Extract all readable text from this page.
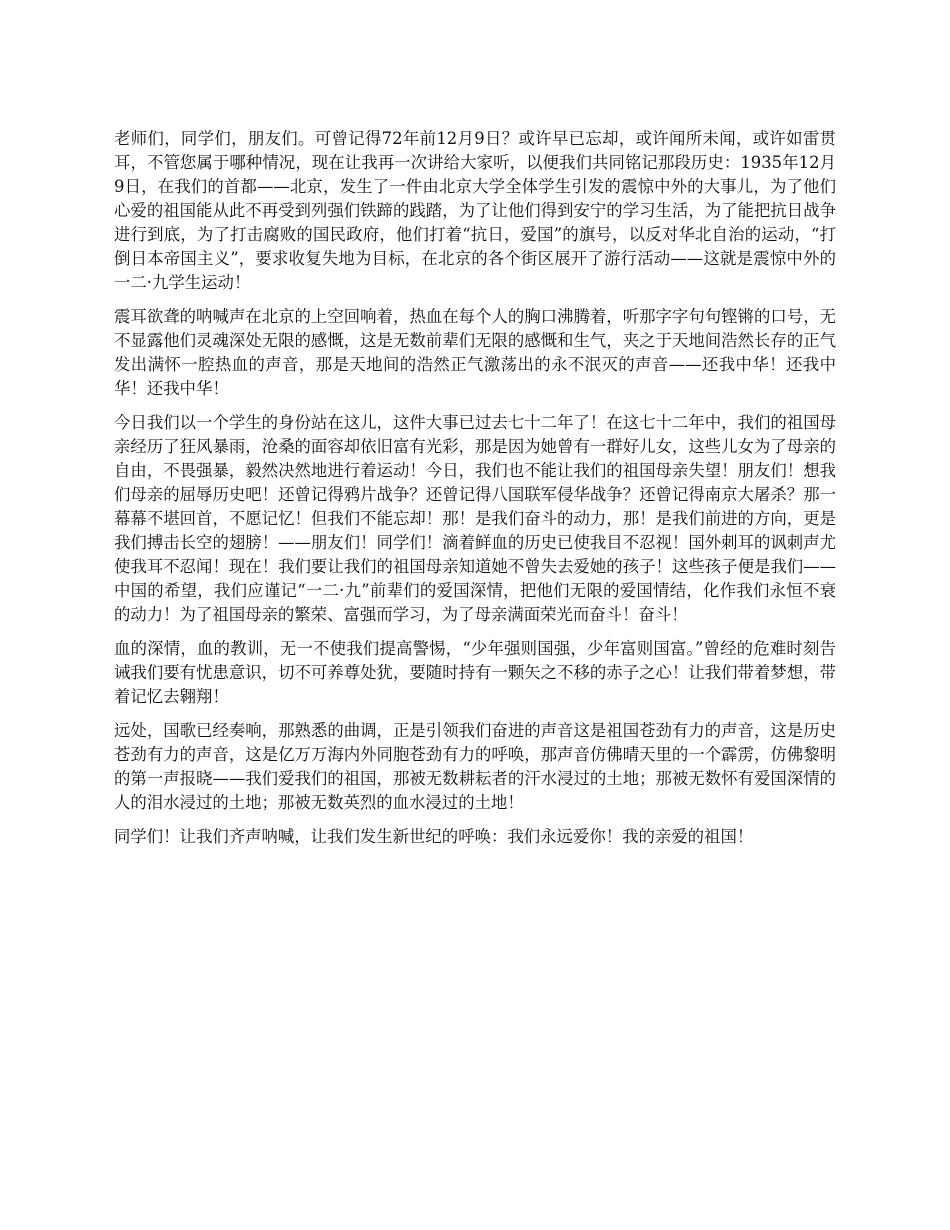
老师们，同学们，朋友们。可曾记得72年前12月9日？或许早已忘却，或许闻所未闻，或许如雷贯耳，不管您属于哪种情况，现在让我再一次讲给大家听，以便我们共同铭记那段历史：1935年12月9日，在我们的首都——北京，发生了一件由北京大学全体学生引发的震惊中外的大事儿，为了他们心爱的祖国能从此不再受到列强们铁蹄的践踏，为了让他们得到安宁的学习生活，为了能把抗日战争进行到底，为了打击腐败的国民政府，他们打着“抗日，爱国”的旗号，以反对华北自治的运动，“打倒日本帝国主义”，要求收复失地为目标，在北京的各个街区展开了游行活动——这就是震惊中外的一二·九学生运动！

震耳欲聋的呐喊声在北京的上空回响着，热血在每个人的胸口沸腾着，听那字字句句铿锵的口号，无不显露他们灵魂深处无限的感慨，这是无数前辈们无限的感慨和生气，夹之于天地间浩然长存的正气发出满怀一腔热血的声音，那是天地间的浩然正气激荡出的永不泯灭的声音——还我中华！还我中华！还我中华！

今日我们以一个学生的身份站在这儿，这件大事已过去七十二年了！在这七十二年中，我们的祖国母亲经历了狂风暴雨，沧桑的面容却依旧富有光彩，那是因为她曾有一群好儿女，这些儿女为了母亲的自由，不畏强暴，毅然决然地进行着运动！今日，我们也不能让我们的祖国母亲失望！朋友们！想我们母亲的屈辱历史吧！还曾记得鸦片战争？还曾记得八国联军侵华战争？还曾记得南京大屠杀？那一幕幕不堪回首，不愿记忆！但我们不能忘却！那！是我们奋斗的动力，那！是我们前进的方向，更是我们搏击长空的翅膀！——朋友们！同学们！滴着鲜血的历史已使我目不忍视！国外刺耳的讽刺声尤使我耳不忍闻！现在！我们要让我们的祖国母亲知道她不曾失去爱她的孩子！这些孩子便是我们——中国的希望，我们应谨记“一二·九”前辈们的爱国深情，把他们无限的爱国情结，化作我们永恒不衰的动力！为了祖国母亲的繁荣、富强而学习，为了母亲满面荣光而奋斗！奋斗！

血的深情，血的教训，无一不使我们提高警惕，“少年强则国强，少年富则国富。”曾经的危难时刻告诫我们要有忧患意识，切不可养尊处犹，要随时持有一颗矢之不移的赤子之心！让我们带着梦想，带着记忆去翱翔！

远处，国歌已经奏响，那熟悉的曲调，正是引领我们奋进的声音这是祖国苍劲有力的声音，这是历史苍劲有力的声音，这是亿万万海内外同胞苍劲有力的呼唤，那声音仿佛晴天里的一个霹雳，仿佛黎明的第一声报晓——我们爱我们的祖国，那被无数耕耘者的汗水浸过的土地；那被无数怀有爱国深情的人的泪水浸过的土地；那被无数英烈的血水浸过的土地！

同学们！让我们齐声呐喊，让我们发生新世纪的呼唤：我们永远爱你！我的亲爱的祖国！
